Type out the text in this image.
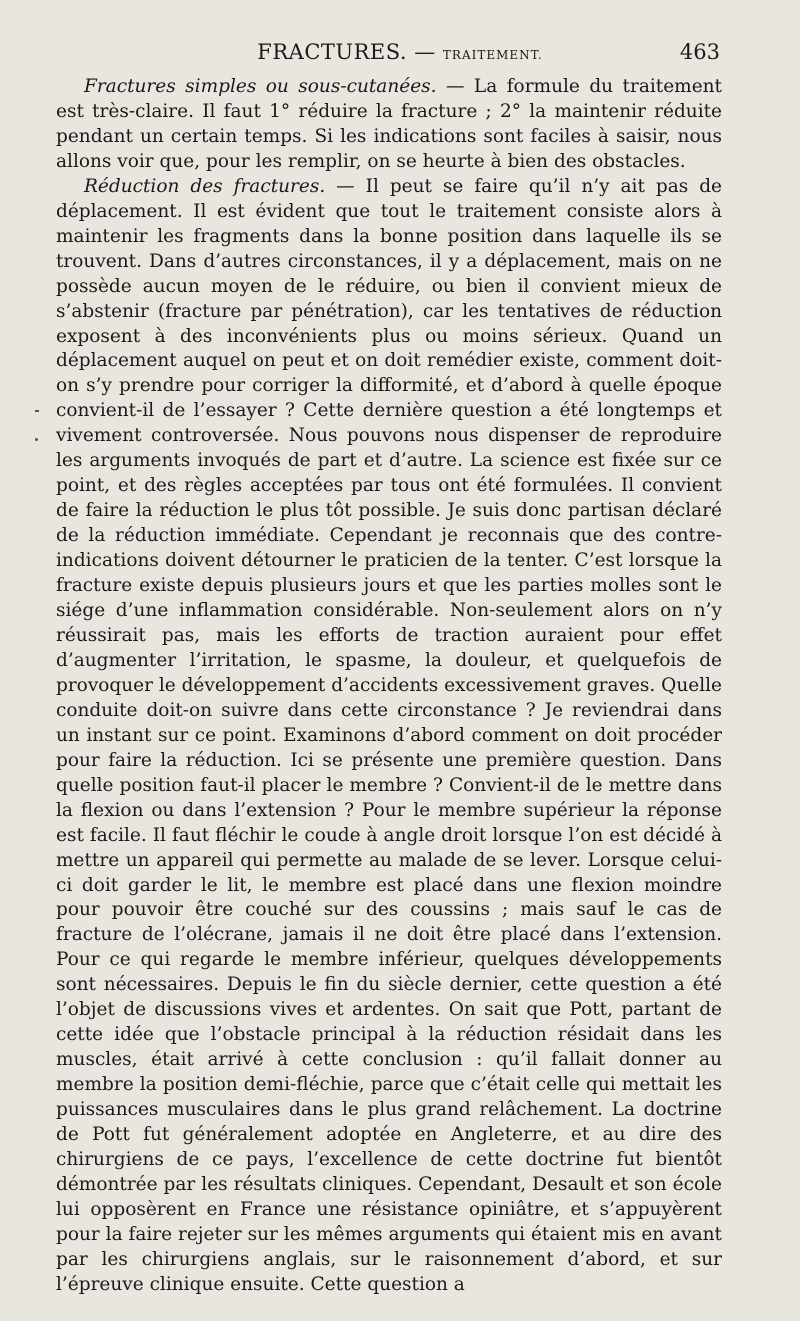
FRACTURES. — TRAITEMENT.	463

Fractures simples ou sous-cutanées. — La formule du traitement est très-claire. Il faut 1° réduire la fracture ; 2° la maintenir réduite pendant un certain temps. Si les indications sont faciles à saisir, nous allons voir que, pour les remplir, on se heurte à bien des obstacles.

Réduction des fractures. — Il peut se faire qu’il n’y ait pas de déplacement. Il est évident que tout le traitement consiste alors à maintenir les fragments dans la bonne position dans laquelle ils se trouvent. Dans d’autres circonstances, il y a déplacement, mais on ne possède aucun moyen de le réduire, ou bien il convient mieux de s’abstenir (fracture par pénétration), car les tentatives de réduction exposent à des inconvénients plus ou moins sérieux. Quand un déplacement auquel on peut et on doit remédier existe, comment doit-on s’y prendre pour corriger la difformité, et d’abord à quelle époque convient-il de l’essayer ? Cette dernière question a été longtemps et vivement controversée. Nous pouvons nous dispenser de reproduire les arguments invoqués de part et d’autre. La science est fixée sur ce point, et des règles acceptées par tous ont été formulées. Il convient de faire la réduction le plus tôt possible. Je suis donc partisan déclaré de la réduction immédiate. Cependant je reconnais que des contre-indications doivent détourner le praticien de la tenter. C’est lorsque la fracture existe depuis plusieurs jours et que les parties molles sont le siége d’une inflammation considérable. Non-seulement alors on n’y réussirait pas, mais les efforts de traction auraient pour effet d’augmenter l’irritation, le spasme, la douleur, et quelquefois de provoquer le développement d’accidents excessivement graves. Quelle conduite doit-on suivre dans cette circonstance ? Je reviendrai dans un instant sur ce point. Examinons d’abord comment on doit procéder pour faire la réduction. Ici se présente une première question. Dans quelle position faut-il placer le membre ? Convient-il de le mettre dans la flexion ou dans l’extension ? Pour le membre supérieur la réponse est facile. Il faut fléchir le coude à angle droit lorsque l’on est décidé à mettre un appareil qui permette au malade de se lever. Lorsque celui-ci doit garder le lit, le membre est placé dans une flexion moindre pour pouvoir être couché sur des coussins ; mais sauf le cas de fracture de l’olécrane, jamais il ne doit être placé dans l’extension. Pour ce qui regarde le membre inférieur, quelques développements sont nécessaires. Depuis le fin du siècle dernier, cette question a été l’objet de discussions vives et ardentes. On sait que Pott, partant de cette idée que l’obstacle principal à la réduction résidait dans les muscles, était arrivé à cette conclusion : qu’il fallait donner au membre la position demi-fléchie, parce que c’était celle qui mettait les puissances musculaires dans le plus grand relâchement. La doctrine de Pott fut généralement adoptée en Angleterre, et au dire des chirurgiens de ce pays, l’excellence de cette doctrine fut bientôt démontrée par les résultats cliniques. Cependant, Desault et son école lui opposèrent en France une résistance opiniâtre, et s’appuyèrent pour la faire rejeter sur les mêmes arguments qui étaient mis en avant par les chirurgiens anglais, sur le raisonnement d’abord, et sur l’épreuve clinique ensuite. Cette question a
